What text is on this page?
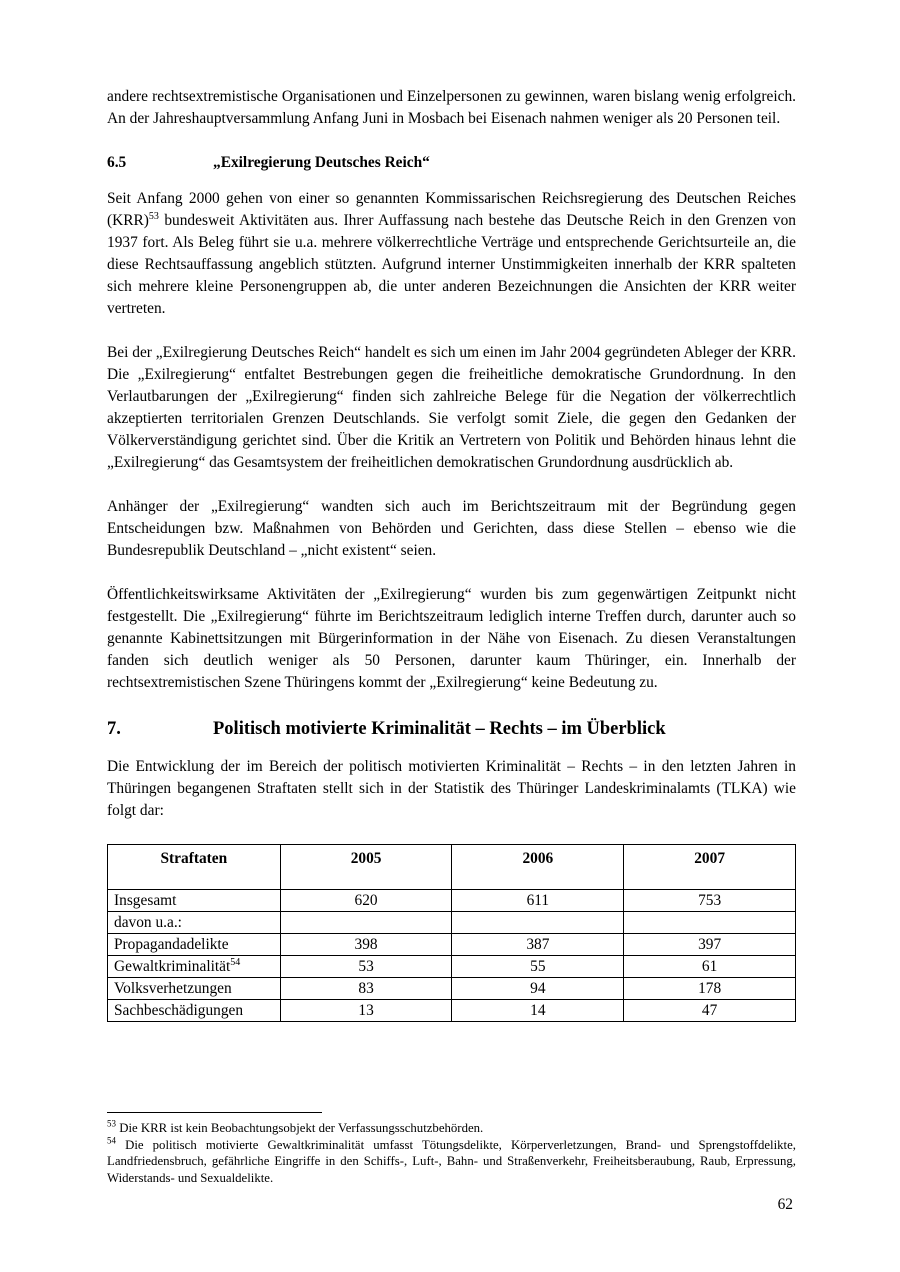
andere rechtsextremistische Organisationen und Einzelpersonen zu gewinnen, waren bislang wenig erfolgreich. An der Jahreshauptversammlung Anfang Juni in Mosbach bei Eisenach nahmen weniger als 20 Personen teil.

6.5	„Exilregierung Deutsches Reich“

Seit Anfang 2000 gehen von einer so genannten Kommissarischen Reichsregierung des Deutschen Reiches (KRR)$^{53}$ bundesweit Aktivitäten aus. Ihrer Auffassung nach bestehe das Deutsche Reich in den Grenzen von 1937 fort. Als Beleg führt sie u.a. mehrere völkerrechtliche Verträge und entsprechende Gerichtsurteile an, die diese Rechtsauffassung angeblich stützten. Aufgrund interner Unstimmigkeiten innerhalb der KRR spalteten sich mehrere kleine Personengruppen ab, die unter anderen Bezeichnungen die Ansichten der KRR weiter vertreten.

Bei der „Exilregierung Deutsches Reich“ handelt es sich um einen im Jahr 2004 gegründeten Ableger der KRR. Die „Exilregierung“ entfaltet Bestrebungen gegen die freiheitliche demokratische Grundordnung. In den Verlautbarungen der „Exilregierung“ finden sich zahlreiche Belege für die Negation der völkerrechtlich akzeptierten territorialen Grenzen Deutschlands. Sie verfolgt somit Ziele, die gegen den Gedanken der Völkerverständigung gerichtet sind. Über die Kritik an Vertretern von Politik und Behörden hinaus lehnt die „Exilregierung“ das Gesamtsystem der freiheitlichen demokratischen Grundordnung ausdrücklich ab.

Anhänger der „Exilregierung“ wandten sich auch im Berichtszeitraum mit der Begründung gegen Entscheidungen bzw. Maßnahmen von Behörden und Gerichten, dass diese Stellen – ebenso wie die Bundesrepublik Deutschland – „nicht existent“ seien.

Öffentlichkeitswirksame Aktivitäten der „Exilregierung“ wurden bis zum gegenwärtigen Zeitpunkt nicht festgestellt. Die „Exilregierung“ führte im Berichtszeitraum lediglich interne Treffen durch, darunter auch so genannte Kabinettsitzungen mit Bürgerinformation in der Nähe von Eisenach. Zu diesen Veranstaltungen fanden sich deutlich weniger als 50 Personen, darunter kaum Thüringer, ein. Innerhalb der rechtsextremistischen Szene Thüringens kommt der „Exilregierung“ keine Bedeutung zu.

7.	Politisch motivierte Kriminalität – Rechts – im Überblick

Die Entwicklung der im Bereich der politisch motivierten Kriminalität – Rechts – in den letzten Jahren in Thüringen begangenen Straftaten stellt sich in der Statistik des Thüringer Landeskriminalamts (TLKA) wie folgt dar:

Straftaten	2005	2006	2007
Insgesamt	620	611	753
davon u.a.:			
Propagandadelikte	398	387	397
Gewaltkriminalität$^{54}$	53	55	61
Volksverhetzungen	83	94	178
Sachbeschädigungen	13	14	47

$^{53}$ Die KRR ist kein Beobachtungsobjekt der Verfassungsschutzbehörden.

$^{54}$ Die politisch motivierte Gewaltkriminalität umfasst Tötungsdelikte, Körperverletzungen, Brand- und Sprengstoffdelikte, Landfriedensbruch, gefährliche Eingriffe in den Schiffs-, Luft-, Bahn- und Straßenverkehr, Freiheitsberaubung, Raub, Erpressung, Widerstands- und Sexualdelikte.

62
